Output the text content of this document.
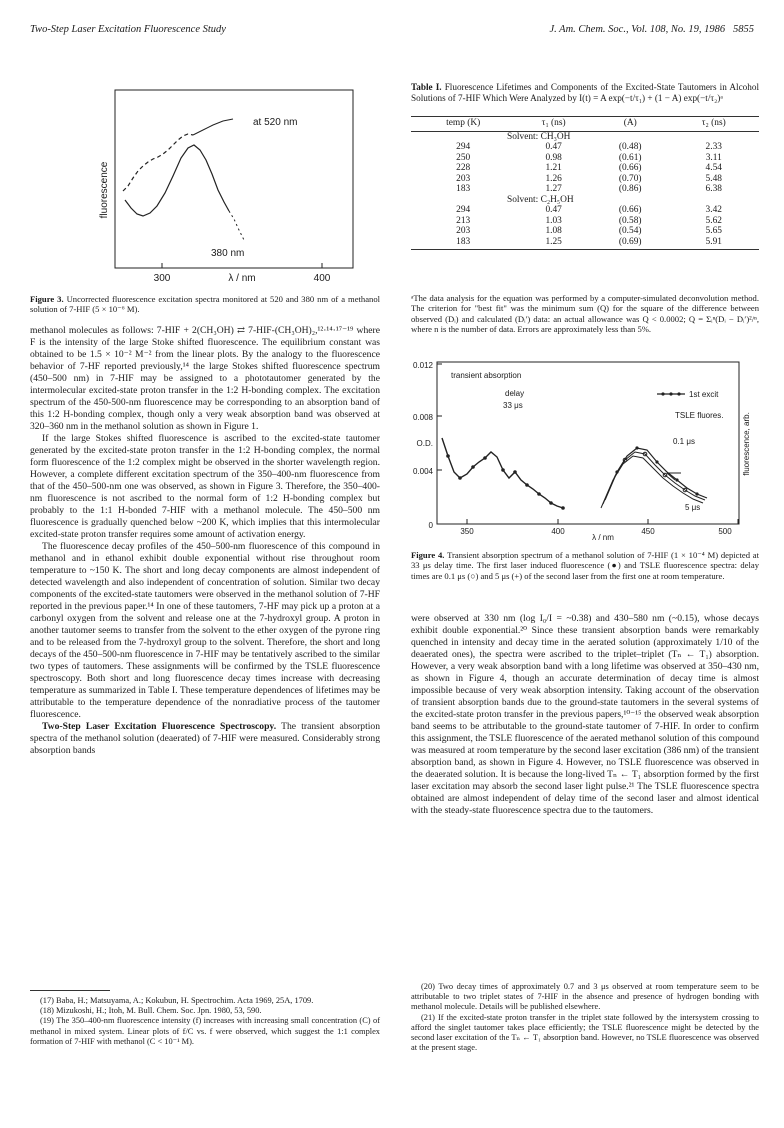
Two-Step Laser Excitation Fluorescence Study	J. Am. Chem. Soc., Vol. 108, No. 19, 1986 5855
at 520 nm
380 nm
fluorescence
300	400
λ / nm
Figure 3. Uncorrected fluorescence excitation spectra monitored at 520 and 380 nm of a methanol solution of 7-HIF (5 × 10⁻⁶ M).

methanol molecules as follows: 7-HIF + 2(CH₃OH) ⇄ 7-HIF-(CH₃OH)₂,¹²·¹⁴·¹⁷⁻¹⁹ where F is the intensity of the large Stoke shifted fluorescence. The equilibrium constant was obtained to be 1.5 × 10⁻² M⁻² from the linear plots. By the analogy to the fluorescence behavior of 7-HF reported previously,¹⁴ the large Stokes shifted fluorescence spectrum (450–500 nm) in 7-HIF may be assigned to a phototautomer generated by the intermolecular excited-state proton transfer in the 1:2 H-bonding complex. The excitation spectrum of the 450-500-nm fluorescence may be corresponding to an absorption band of this 1:2 H-bonding complex, though only a very weak absorption band was observed at 320–360 nm in the methanol solution as shown in Figure 1.

If the large Stokes shifted fluorescence is ascribed to the excited-state tautomer generated by the excited-state proton transfer in the 1:2 H-bonding complex, the normal form fluorescence of the 1:2 complex might be observed in the shorter wavelength region. However, a complete different excitation spectrum of the 350–400-nm fluorescence from that of the 450–500-nm one was observed, as shown in Figure 3. Therefore, the 350–400-nm fluorescence is not ascribed to the normal form of 1:2 H-bonding complex but probably to the 1:1 H-bonded 7-HIF with a methanol molecule. The 450–500 nm fluorescence is gradually quenched below ~200 K, which implies that this intermolecular excited-state proton transfer requires some amount of activation energy.

The fluorescence decay profiles of the 450–500-nm fluorescence of this compound in methanol and in ethanol exhibit double exponential without rise throughout room temperature to ~150 K. The short and long decay components are almost independent of detected wavelength and also independent of concentration of solution. Similar two decay components of the excited-state tautomers were observed in the methanol solution of 7-HF reported in the previous paper.¹⁴ In one of these tautomers, 7-HF may pick up a proton at a carbonyl oxygen from the solvent and release one at the 7-hydroxyl group. A proton in another tautomer seems to transfer from the solvent to the ether oxygen of the pyrone ring and to be released from the 7-hydroxyl group to the solvent. Therefore, the short and long decays of the 450–500-nm fluorescence in 7-HIF may be tentatively ascribed to the similar two types of tautomers. These assignments will be confirmed by the TSLE fluorescence spectroscopy. Both short and long fluorescence decay times increase with decreasing temperature as summarized in Table I. These temperature dependences of lifetimes may be attributable to the temperature dependence of the nonradiative process of the tautomer fluorescence.

Two-Step Laser Excitation Fluorescence Spectroscopy. The transient absorption spectra of the methanol solution (deaerated) of 7-HIF were measured. Considerably strong absorption bands

(17) Baba, H.; Matsuyama, A.; Kokubun, H. Spectrochim. Acta 1969, 25A, 1709.

(18) Mizukoshi, H.; Itoh, M. Bull. Chem. Soc. Jpn. 1980, 53, 590.

(19) The 350–400-nm fluorescence intensity (f) increases with increasing small concentration (C) of methanol in mixed system. Linear plots of f/C vs. f were observed, which suggest the 1:1 complex formation of 7-HIF with methanol (C < 10⁻¹ M).

Table I. Fluorescence Lifetimes and Components of the Excited-State Tautomers in Alcohol Solutions of 7-HIF Which Were Analyzed by I(t) = A exp(−t/τ₁) + (1 − A) exp(−t/τ₂)ᵃ
temp (K)	τ₁ (ns)	(A)	τ₂ (ns)
Solvent: CH₃OH			
294	0.47	(0.48)	2.33
250	0.98	(0.61)	3.11
228	1.21	(0.66)	4.54
203	1.26	(0.70)	5.48
183	1.27	(0.86)	6.38
Solvent: C₂H₅OH			
294	0.47	(0.66)	3.42
213	1.03	(0.58)	5.62
203	1.08	(0.54)	5.65
183	1.25	(0.69)	5.91
ᵃThe data analysis for the equation was performed by a computer-simulated deconvolution method. The criterion for "best fit" was the minimum sum (Q) for the square of the difference between observed (Dᵢ) and calculated (Dᵢ′) data: an actual allowance was Q < 0.0002; Q = Σᵢⁿ(Dᵢ − Dᵢ′)²/ⁿ, where n is the number of data. Errors are approximately less than 5%.
0.012
0.008
O.D.
0.004
0
350	400	450	500
λ / nm
transient absorption
delay
33 μs
1st excit
TSLE fluores.
0.1 μs
5 μs
fluorescence, arb.
Figure 4. Transient absorption spectrum of a methanol solution of 7-HIF (1 × 10⁻⁴ M) depicted at 33 μs delay time. The first laser induced fluorescence (●) and TSLE fluorescence spectra: delay times are 0.1 μs (○) and 5 μs (+) of the second laser from the first one at room temperature.

were observed at 330 nm (log I₀/I = ~0.38) and 430–580 nm (~0.15), whose decays exhibit double exponential.²⁰ Since these transient absorption bands were remarkably quenched in intensity and decay time in the aerated solution (approximately 1/10 of the deaerated ones), the spectra were ascribed to the triplet–triplet (Tₙ ← T₁) absorption. However, a very weak absorption band with a long lifetime was observed at 350–430 nm, as shown in Figure 4, though an accurate determination of decay time is almost impossible because of very weak absorption intensity. Taking account of the observation of transient absorption bands due to the ground-state tautomers in the several systems of the excited-state proton transfer in the previous papers,¹⁰⁻¹⁵ the observed weak absorption band seems to be attributable to the ground-state tautomer of 7-HIF. In order to confirm this assignment, the TSLE fluorescence of the aerated methanol solution of this compound was measured at room temperature by the second laser excitation (386 nm) of the transient absorption band, as shown in Figure 4. However, no TSLE fluorescence was observed in the deaerated solution. It is because the long-lived Tₙ ← T₁ absorption formed by the first laser excitation may absorb the second laser light pulse.²¹ The TSLE fluorescence spectra obtained are almost independent of delay time of the second laser and almost identical with the steady-state fluorescence spectra due to the tautomers.

(20) Two decay times of approximately 0.7 and 3 μs observed at room temperature seem to be attributable to two triplet states of 7-HIF in the absence and presence of hydrogen bonding with methanol molecule. Details will be published elsewhere.

(21) If the excited-state proton transfer in the triplet state followed by the intersystem crossing to afford the singlet tautomer takes place efficiently; the TSLE fluorescence might be detected by the second laser excitation of the Tₙ ← T₁ absorption band. However, no TSLE fluorescence was observed at the present stage.
